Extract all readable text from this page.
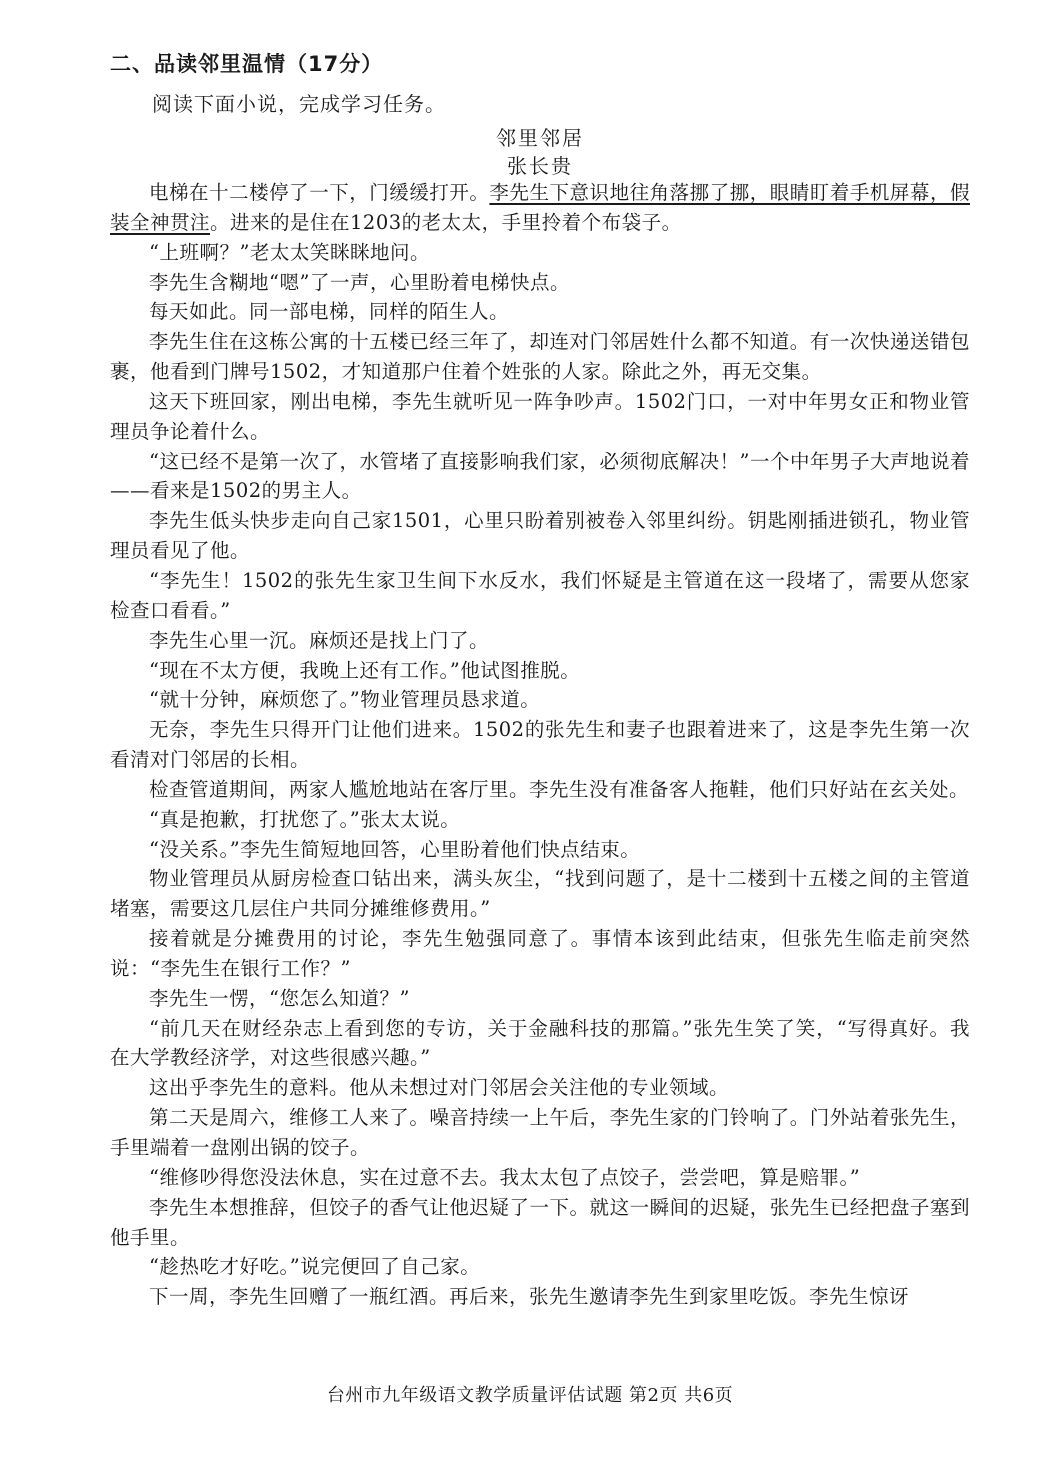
二、品读邻里温情（17分）
阅读下面小说，完成学习任务。
邻里邻居
张长贵

电梯在十二楼停了一下，门缓缓打开。李先生下意识地往角落挪了挪，眼睛盯着手机屏幕，假装全神贯注。进来的是住在1203的老太太，手里拎着个布袋子。

“上班啊？”老太太笑眯眯地问。

李先生含糊地“嗯”了一声，心里盼着电梯快点。

每天如此。同一部电梯，同样的陌生人。

李先生住在这栋公寓的十五楼已经三年了，却连对门邻居姓什么都不知道。有一次快递送错包裹，他看到门牌号1502，才知道那户住着个姓张的人家。除此之外，再无交集。

这天下班回家，刚出电梯，李先生就听见一阵争吵声。1502门口，一对中年男女正和物业管理员争论着什么。

“这已经不是第一次了，水管堵了直接影响我们家，必须彻底解决！”一个中年男子大声地说着——看来是1502的男主人。

李先生低头快步走向自己家1501，心里只盼着别被卷入邻里纠纷。钥匙刚插进锁孔，物业管理员看见了他。

“李先生！1502的张先生家卫生间下水反水，我们怀疑是主管道在这一段堵了，需要从您家检查口看看。”

李先生心里一沉。麻烦还是找上门了。

“现在不太方便，我晚上还有工作。”他试图推脱。

“就十分钟，麻烦您了。”物业管理员恳求道。

无奈，李先生只得开门让他们进来。1502的张先生和妻子也跟着进来了，这是李先生第一次看清对门邻居的长相。

检查管道期间，两家人尴尬地站在客厅里。李先生没有准备客人拖鞋，他们只好站在玄关处。

“真是抱歉，打扰您了。”张太太说。

“没关系。”李先生简短地回答，心里盼着他们快点结束。

物业管理员从厨房检查口钻出来，满头灰尘，“找到问题了，是十二楼到十五楼之间的主管道堵塞，需要这几层住户共同分摊维修费用。”

接着就是分摊费用的讨论，李先生勉强同意了。事情本该到此结束，但张先生临走前突然说：“李先生在银行工作？”

李先生一愣，“您怎么知道？”

“前几天在财经杂志上看到您的专访，关于金融科技的那篇。”张先生笑了笑，“写得真好。我在大学教经济学，对这些很感兴趣。”

这出乎李先生的意料。他从未想过对门邻居会关注他的专业领域。

第二天是周六，维修工人来了。噪音持续一上午后，李先生家的门铃响了。门外站着张先生，手里端着一盘刚出锅的饺子。

“维修吵得您没法休息，实在过意不去。我太太包了点饺子，尝尝吧，算是赔罪。”

李先生本想推辞，但饺子的香气让他迟疑了一下。就这一瞬间的迟疑，张先生已经把盘子塞到他手里。

“趁热吃才好吃。”说完便回了自己家。

下一周，李先生回赠了一瓶红酒。再后来，张先生邀请李先生到家里吃饭。李先生惊讶

台州市九年级语文教学质量评估试题 第2页 共6页
